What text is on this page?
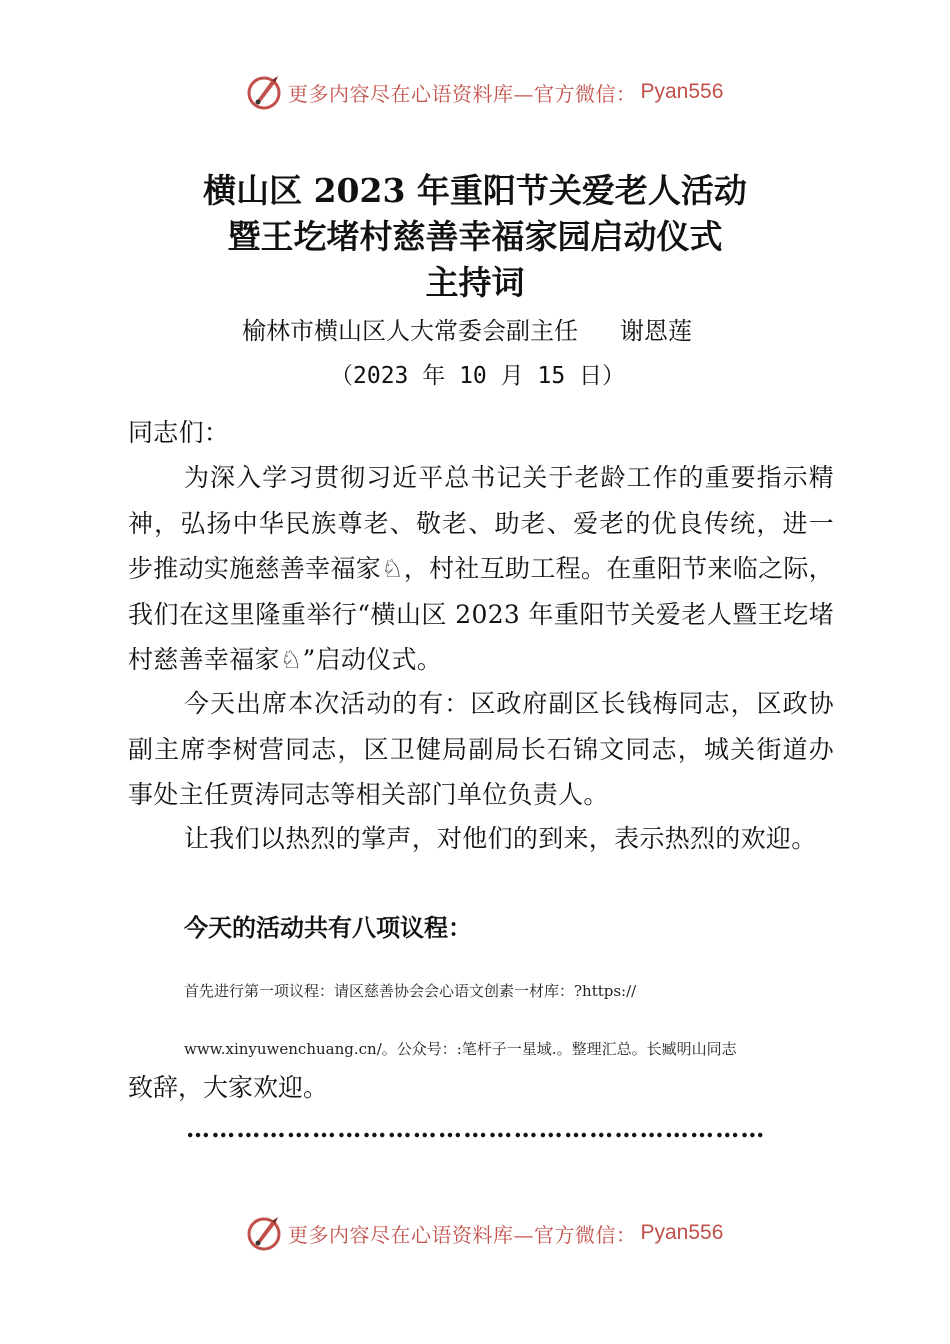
更多内容尽在心语资料库—官方微信： Pyan556
横山区 2023 年重阳节关爱老人活动
暨王圪堵村慈善幸福家园启动仪式
主持词
榆林市横山区人大常委会副主任 谢恩莲
（2023 年 10 月 15 日）

同志们：

为深入学习贯彻习近平总书记关于老龄工作的重要指示精神，弘扬中华民族尊老、敬老、助老、爱老的优良传统，进一步推动实施慈善幸福家♘，村社互助工程。在重阳节来临之际，我们在这里隆重举行“横山区 2023 年重阳节关爱老人暨王圪堵村慈善幸福家♘”启动仪式。

今天出席本次活动的有：区政府副区长钱梅同志，区政协副主席李树营同志，区卫健局副局长石锦文同志，城关街道办事处主任贾涛同志等相关部门单位负责人。

让我们以热烈的掌声，对他们的到来，表示热烈的欢迎。

今天的活动共有八项议程：
首先进行第一项议程：请区慈善协会会心语文创素一材库：?https://
www.xinyuwenchuang.cn/。公众号：:笔杆子一星域.。整理汇总。长臧明山同志
致辞，大家欢迎。
……………………………………………………………
更多内容尽在心语资料库—官方微信： Pyan556
